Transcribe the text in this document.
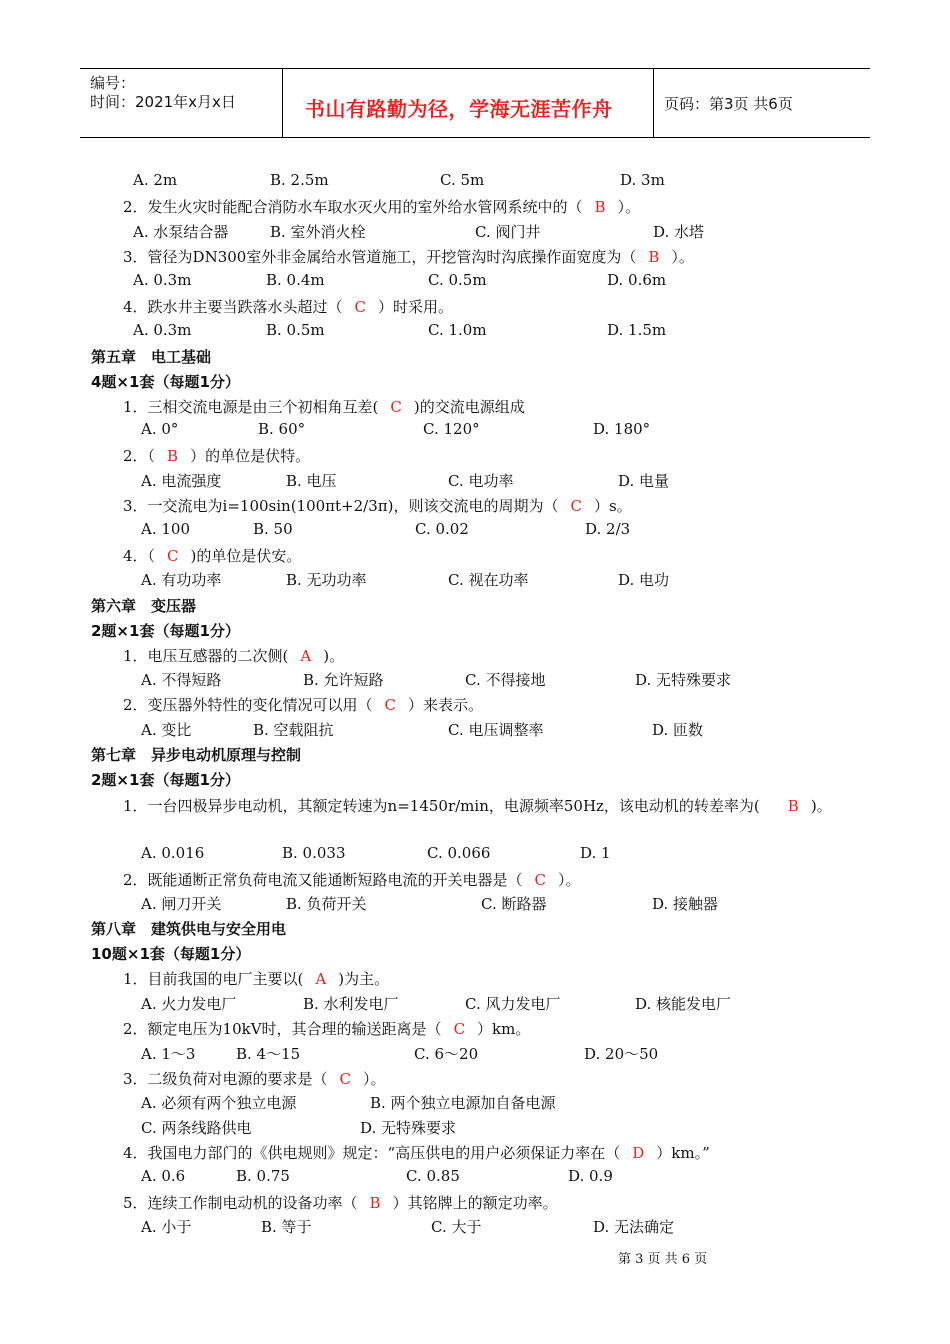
编号：
时间：2021年x月x日	书山有路勤为径，学海无涯苦作舟	页码：第3页 共6页
A. 2m	B. 2.5m	C. 5m	D. 3m
2．发生火灾时能配合消防水车取水灭火用的室外给水管网系统中的（ B ）。
A. 水泵结合器	B. 室外消火栓	C. 阀门井	D. 水塔
3．管径为DN300室外非金属给水管道施工，开挖管沟时沟底操作面宽度为（ B ）。
A. 0.3m	B. 0.4m	C. 0.5m	D. 0.6m
4．跌水井主要当跌落水头超过（ C ）时采用。
A. 0.3m	B. 0.5m	C. 1.0m	D. 1.5m
第五章　电工基础
4题×1套（每题1分）
1．三相交流电源是由三个初相角互差( C )的交流电源组成
A. 0°	B. 60°	C. 120°	D. 180°
2．（ B ）的单位是伏特。
A. 电流强度	B. 电压	C. 电功率	D. 电量
3．一交流电为i=100sin(100πt+2/3π)，则该交流电的周期为（ C ）s。
A. 100	B. 50	C. 0.02	D. 2/3
4．（ C )的单位是伏安。
A. 有功功率	B. 无功功率	C. 视在功率	D. 电功
第六章　变压器
2题×1套（每题1分）
1．电压互感器的二次侧( A )。
A. 不得短路	B. 允许短路	C. 不得接地	D. 无特殊要求
2．变压器外特性的变化情况可以用（ C ）来表示。
A. 变比	B. 空载阻抗	C. 电压调整率	D. 匝数
第七章　异步电动机原理与控制
2题×1套（每题1分）
1．一台四极异步电动机，其额定转速为n=1450r/min，电源频率50Hz，该电动机的转差率为( B )。
A. 0.016	B. 0.033	C. 0.066	D. 1
2．既能通断正常负荷电流又能通断短路电流的开关电器是（ C ）。
A. 闸刀开关	B. 负荷开关	C. 断路器	D. 接触器
第八章　建筑供电与安全用电
10题×1套（每题1分）
1．目前我国的电厂主要以( A )为主。
A. 火力发电厂	B. 水利发电厂	C. 风力发电厂	D. 核能发电厂
2．额定电压为10kV时，其合理的输送距离是（ C ）km。
A. 1～3	B. 4～15	C. 6～20	D. 20～50
3．二级负荷对电源的要求是（ C ）。
A. 必须有两个独立电源	B. 两个独立电源加自备电源
C. 两条线路供电	D. 无特殊要求
4．我国电力部门的《供电规则》规定：“高压供电的用户必须保证力率在（ D ）km。”
A. 0.6	B. 0.75	C. 0.85	D. 0.9
5．连续工作制电动机的设备功率（ B ）其铭牌上的额定功率。
A. 小于	B. 等于	C. 大于	D. 无法确定
第 3 页 共 6 页
